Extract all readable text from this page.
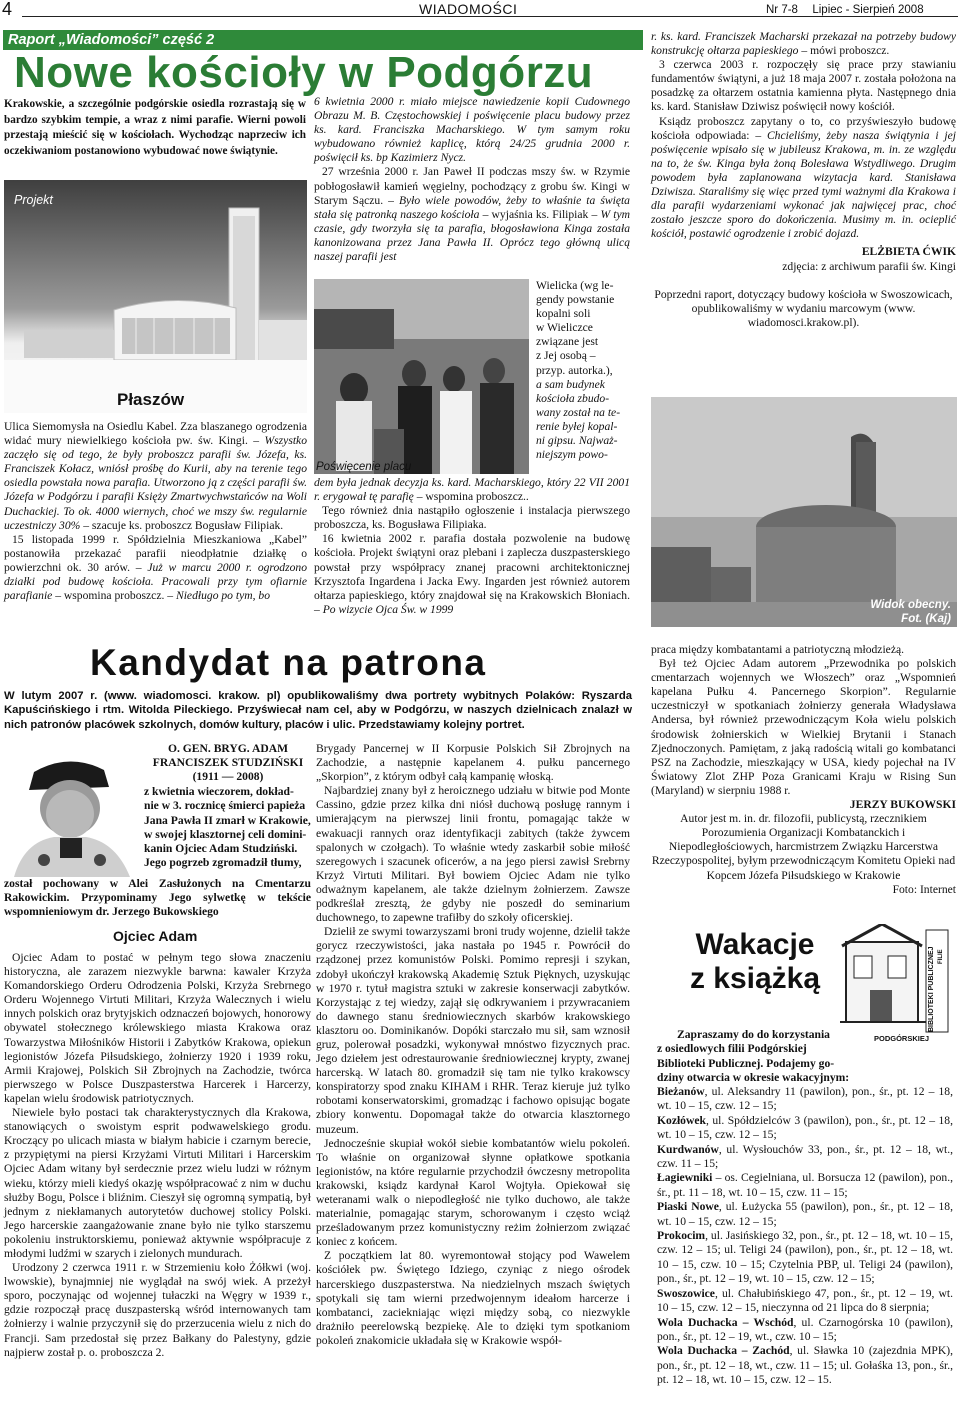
4	WIADOMOŚCI	Nr 7-8 Lipiec - Sierpień 2008
Raport „Wiadomości” część 2
Nowe kościoły w Podgórzu

Krakowskie, a szczególnie podgórskie osiedla rozrastają się w bardzo szybkim tempie, a wraz z nimi parafie. Wierni powoli przestają mieścić się w kościołach. Wychodząc naprzeciw ich oczekiwaniom postanowiono wybudować nowe świątynie.

Projekt
Płaszów

Ulica Siemomysła na Osiedlu Kabel. Zza blaszanego ogrodzenia widać mury niewielkiego kościoła pw. św. Kingi. – Wszystko zaczęło się od tego, że były proboszcz parafii św. Józefa, ks. Franciszek Kołacz, wniósł prośbę do Kurii, aby na terenie tego osiedla powstała nowa parafia. Utworzono ją z części parafii św. Józefa w Podgórzu i parafii Księży Zmartwychwstańców na Woli Duchackiej. To ok. 4000 wiernych, choć we mszy św. regularnie uczestniczy 30% – szacuje ks. proboszcz Bogusław Filipiak.

15 listopada 1999 r. Spółdzielnia Mieszkaniowa „Kabel” postanowiła przekazać parafii nieodpłatnie działkę o powierzchni ok. 30 arów. – Już w marcu 2000 r. ogrodzono działki pod budowę kościoła. Pracowali przy tym ofiarnie parafianie – wspomina proboszcz. – Niedługo po tym, bo

6 kwietnia 2000 r. miało miejsce nawiedzenie kopii Cudownego Obrazu M. B. Częstochowskiej i poświęcenie placu budowy przez ks. kard. Franciszka Macharskiego. W tym samym roku wybudowano również kaplicę, którą 24/25 grudnia 2000 r. poświęcił ks. bp Kazimierz Nycz.

27 września 2000 r. Jan Paweł II podczas mszy św. w Rzymie pobłogosławił kamień węgielny, pochodzący z grobu św. Kingi w Starym Sączu. – Było wiele powodów, żeby to właśnie ta święta stała się patronką naszego kościoła – wyjaśnia ks. Filipiak – W tym czasie, gdy tworzyła się ta parafia, błogosławiona Kinga została kanonizowana przez Jana Pawła II. Oprócz tego główną ulicą naszej parafii jest

Poświęcenie placu
Wielicka (wg le-
gendy powstanie
kopalni soli
w Wieliczce
związane jest
z Jej osobą –
przyp. autorka.),
a sam budynek
kościoła zbudo-
wany został na te-
renie byłej kopal-
ni gipsu. Najważ-
niejszym powo-

dem była jednak decyzja ks. kard. Macharskiego, który 22 VII 2001 r. erygował tę parafię – wspomina proboszcz..

Tego również dnia nastąpiło ogłoszenie i instalacja pierwszego proboszcza, ks. Bogusława Filipiaka.

16 kwietnia 2002 r. parafia dostała pozwolenie na budowę kościoła. Projekt świątyni oraz plebani i zaplecza duszpasterskiego powstał przy współpracy znanej pracowni architektonicznej Krzysztofa Ingardena i Jacka Ewy. Ingarden jest również autorem ołtarza papieskiego, który znajdował się na Krakowskich Błoniach. – Po wizycie Ojca Św. w 1999

r. ks. kard. Franciszek Macharski przekazał na potrzeby budowy konstrukcję ołtarza papieskiego – mówi proboszcz.

3 czerwca 2003 r. rozpoczęły się prace przy stawianiu fundamentów świątyni, a już 18 maja 2007 r. została położona na posadzkę za ołtarzem ostatnia kamienna płyta. Następnego dnia ks. kard. Stanisław Dziwisz poświęcił nowy kościół.

Ksiądz proboszcz zapytany o to, co przyświeszyło budowę kościoła odpowiada: – Chcieliśmy, żeby nasza świątynia i jej poświęcenie wpisało się w jubileusz Krakowa, m. in. ze względu na to, że św. Kinga była żoną Bolesława Wstydliwego. Drugim powodem była zaplanowana wizytacja kard. Stanisława Dziwisza. Staraliśmy się więc przed tymi ważnymi dla Krakowa i dla parafii wydarzeniami wykonać jak najwięcej prac, choć zostało jeszcze sporo do dokończenia. Musimy m. in. ocieplić kościół, postawić ogrodzenie i zrobić dojazd.

ELŻBIETA ĆWIK

zdjęcia: z archiwum parafii św. Kingi

Poprzedni raport, dotyczący budowy kościoła w Swoszowicach, opublikowaliśmy w wydaniu marcowym (www. wiadomosci.krakow.pl).

Widok obecny.
Fot. (Kaj)
Kandydat na patrona

W lutym 2007 r. (www. wiadomosci. krakow. pl) opublikowaliśmy dwa portrety wybitnych Polaków: Ryszarda Kapuścińskiego i rtm. Witolda Pileckiego. Przyświecał nam cel, aby w Podgórzu, w naszych dzielnicach znalazł w nich patronów placówek szkolnych, domów kultury, placów i ulic. Przedstawiamy kolejny portret.

O. GEN. BRYG. ADAM
FRANCISZEK STUDZIŃSKI
(1911 — 2008)
z kwietnia wieczorem, dokład-
nie w 3. rocznicę śmierci papieża
Jana Pawła II zmarł w Krakowie,
w swojej klasztornej celi domini-
kanin Ojciec Adam Studziński.
Jego pogrzeb zgromadził tłumy,

został pochowany w Alei Zasłużonych na Cmentarzu Rakowickim. Przypominamy Jego sylwetkę w tekście wspomnieniowym dr. Jerzego Bukowskiego

Ojciec Adam

Ojciec Adam to postać w pełnym tego słowa znaczeniu historyczna, ale zarazem niezwykle barwna: kawaler Krzyża Komandorskiego Orderu Odrodzenia Polski, Krzyża Srebrnego Orderu Wojennego Virtuti Militari, Krzyża Walecznych i wielu innych polskich oraz brytyjskich odznaczeń bojowych, honorowy obywatel stołecznego królewskiego miasta Krakowa oraz Towarzystwa Miłośników Historii i Zabytków Krakowa, opiekun legionistów Józefa Piłsudskiego, żołnierzy 1920 i 1939 roku, Armii Krajowej, Polskich Sił Zbrojnych na Zachodzie, twórca pierwszego w Polsce Duszpasterstwa Harcerek i Harcerzy, kapelan wielu środowisk patriotycznych.

Niewiele było postaci tak charakterystycznych dla Krakowa, stanowiących o swoistym esprit podwawelskiego grodu. Kroczący po ulicach miasta w białym habicie i czarnym berecie, z przypiętymi na piersi Krzyżami Virtuti Militari i Harcerskim Ojciec Adam witany był serdecznie przez wielu ludzi w różnym wieku, którzy mieli kiedyś okazję współpracować z nim w duchu służby Bogu, Polsce i bliźnim. Cieszył się ogromną sympatią, był jednym z niekłamanych autorytetów duchowej stolicy Polski. Jego harcerskie zaangażowanie znane było nie tylko starszemu pokoleniu instruktorskiemu, ponieważ aktywnie współpracuje z młodymi ludźmi w szarych i zielonych mundurach.

Urodzony 2 czerwca 1911 r. w Strzemieniu koło Żółkwi (woj. lwowskie), bynajmniej nie wyglądał na swój wiek. A przeżył sporo, poczynając od wojennej tułaczki na Węgry w 1939 r., gdzie rozpoczął pracę duszpasterską wśród internowanych tam żołnierzy i walnie przyczynił się do przerzucenia wielu z nich do Francji. Sam przedostał się przez Bałkany do Palestyny, gdzie najpierw został p. o. proboszcza 2.

Brygady Pancernej w II Korpusie Polskich Sił Zbrojnych na Zachodzie, a następnie kapelanem 4. pułku pancernego „Skorpion”, z którym odbył całą kampanię włoską.

Najbardziej znany był z heroicznego udziału w bitwie pod Monte Cassino, gdzie przez kilka dni niósł duchową posługę rannym i umierającym na pierwszej linii frontu, pomagając także w ewakuacji rannych oraz identyfikacji zabitych (także żywcem spalonych w czołgach). To właśnie wtedy zaskarbił sobie miłość szeregowych i szacunek oficerów, a na jego piersi zawisł Srebrny Krzyż Virtuti Militari. Był bowiem Ojciec Adam nie tylko odważnym kapelanem, ale także dzielnym żołnierzem. Zawsze podkreślał zresztą, że gdyby nie poszedł do seminarium duchownego, to zapewne trafiłby do szkoły oficerskiej.

Dzielił ze swymi towarzyszami broni trudy wojenne, dzielił także gorycz rzeczywistości, jaka nastała po 1945 r. Powrócił do rządzonej przez komunistów Polski. Pomimo represji i szykan, zdobył ukończył krakowską Akademię Sztuk Pięknych, uzyskując w 1970 r. tytuł magistra sztuki w zakresie konserwacji zabytków. Korzystając z tej wiedzy, zajął się odkrywaniem i przywracaniem do dawnego stanu średniowiecznych skarbów krakowskiego klasztoru oo. Dominikanów. Dopóki starczało mu sił, sam wznosił gruz, polerował posadzki, wykonywał mnóstwo fizycznych prac. Jego dziełem jest odrestaurowanie średniowiecznej krypty, zwanej harcerską. W latach 80. gromadził się tam nie tylko krakowscy konspiratorzy spod znaku KIHAM i RHR. Teraz kieruje już tylko robotami konserwatorskimi, gromadząc i fachowo opisując bogate zbiory konwentu. Dopomagał także do otwarcia klasztornego muzeum.

Jednocześnie skupiał wokół siebie kombatantów wielu pokoleń. To właśnie on organizował słynne opłatkowe spotkania legionistów, na które regularnie przychodził ówczesny metropolita krakowski, ksiądz kardynał Karol Wojtyła. Opiekował się weteranami walk o niepodległość nie tylko duchowo, ale także materialnie, pomagając starym, schorowanym i często wciąż prześladowanym przez komunistyczny reżim żołnierzom związać koniec z końcem.

Z początkiem lat 80. wyremontował stojący pod Wawelem kościółek pw. Świętego Idziego, czyniąc z niego ośrodek harcerskiego duszpasterstwa. Na niedzielnych mszach świętych spotykali się tam wierni przedwojennym ideałom harcerze i kombatanci, zaciekniając więzi między sobą, co niezwykle drażniło peerelowską bezpiekę. Ale to dzięki tym spotkaniom pokoleń znakomicie układała się w Krakowie współ-

praca między kombatantami a patriotyczną młodzieżą.

Był też Ojciec Adam autorem „Przewodnika po polskich cmentarzach wojennych we Włoszech” oraz „Wspomnień kapelana Pułku 4. Pancernego Skorpion”. Regularnie uczestniczył w spotkaniach żołnierzy generała Władysława Andersa, był również przewodniczącym Koła wielu polskich środowisk żołnierskich w Wielkiej Brytanii i Stanach Zjednoczonych. Pamiętam, z jaką radością witali go kombatanci PSZ na Zachodzie, mieszkający w USA, kiedy pojechał na IV Światowy Zlot ZHP Poza Granicami Kraju w Rising Sun (Maryland) w sierpniu 1988 r.

JERZY BUKOWSKI

Autor jest m. in. dr. filozofii, publicystą, rzecznikiem Porozumienia Organizacji Kombatanckich i Niepodległościowych, harcmistrzem Związku Harcerstwa Rzeczypospolitej, byłym przewodniczącym Komitetu Opieki nad Kopcem Józefa Piłsudskiego w Krakowie

Foto: Internet

Wakacje
z książką	BIBLIOTEKI PUBLICZNEJ FILIE
PODGÓRSKIEJ
Zapraszamy do do korzystania
z osiedlowych filii Podgórskiej
Biblioteki Publicznej. Podajemy go-
dziny otwarcia w okresie wakacyjnym:

Bieżanów, ul. Aleksandry 11 (pawilon), pon., śr., pt. 12 – 18, wt. 10 – 15, czw. 12 – 15;

Kozłówek, ul. Spółdzielców 3 (pawilon), pon., śr., pt. 12 – 18, wt. 10 – 15, czw. 12 – 15;

Kurdwanów, ul. Wysłouchów 33, pon., śr., pt. 12 – 18, wt., czw. 11 – 15;

Łagiewniki – os. Cegielniana, ul. Borsucza 12 (pawilon), pon., śr., pt. 11 – 18, wt. 10 – 15, czw. 11 – 15;

Piaski Nowe, ul. Łużycka 55 (pawilon), pon., śr., pt. 12 – 18, wt. 10 – 15, czw. 12 – 15;

Prokocim, ul. Jasińskiego 32, pon., śr., pt. 12 – 18, wt. 10 – 15, czw. 12 – 15; ul. Teligi 24 (pawilon), pon., śr., pt. 12 – 18, wt. 10 – 15, czw. 10 – 15; Czytelnia PBP, ul. Teligi 24 (pawilon), pon., śr., pt. 12 – 19, wt. 10 – 15, czw. 12 – 15;

Swoszowice, ul. Chałubińskiego 47, pon., śr., pt. 12 – 19, wt. 10 – 15, czw. 12 – 15, nieczynna od 21 lipca do 8 sierpnia;

Wola Duchacka – Wschód, ul. Czarnogórska 10 (pawilon), pon., śr., pt. 12 – 19, wt., czw. 10 – 15;

Wola Duchacka – Zachód, ul. Sławka 10 (zajezdnia MPK), pon., śr., pt. 12 – 18, wt., czw. 11 – 15; ul. Gołaśka 13, pon., śr., pt. 12 – 18, wt. 10 – 15, czw. 12 – 15.
